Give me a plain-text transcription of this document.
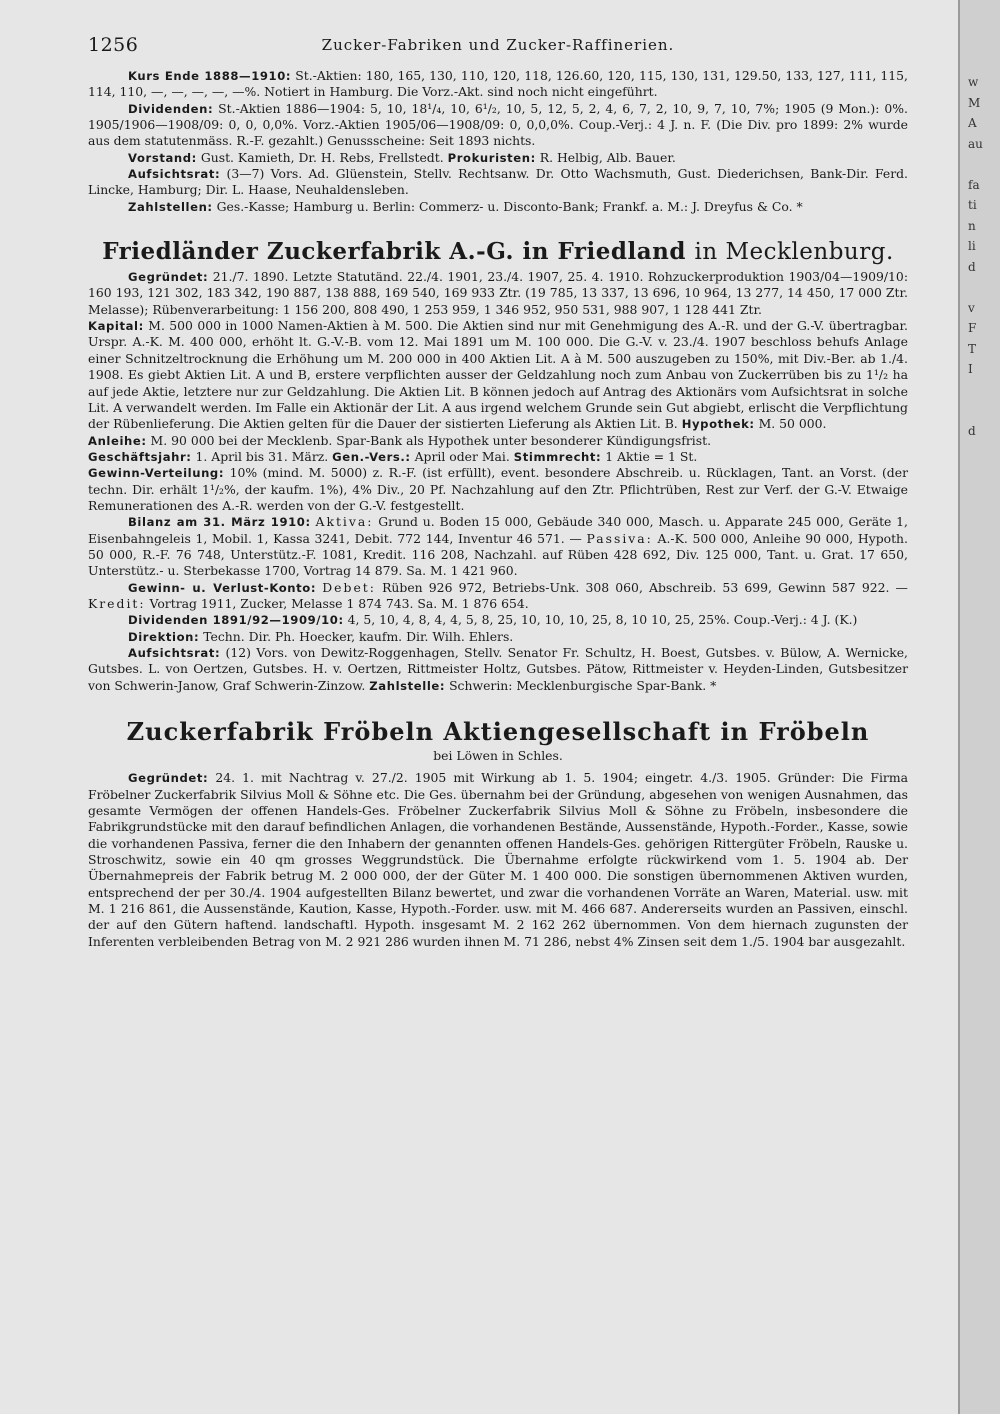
1256	Zucker-Fabriken und Zucker-Raffinerien.

Kurs Ende 1888—1910: St.-Aktien: 180, 165, 130, 110, 120, 118, 126.60, 120, 115, 130, 131, 129.50, 133, 127, 111, 115, 114, 110, —, —, —, —, —%. Notiert in Hamburg. Die Vorz.-Akt. sind noch nicht eingeführt.

Dividenden: St.-Aktien 1886—1904: 5, 10, 18¹/₄, 10, 6¹/₂, 10, 5, 12, 5, 2, 4, 6, 7, 2, 10, 9, 7, 10, 7%; 1905 (9 Mon.): 0%. 1905/1906—1908/09: 0, 0, 0,0%. Vorz.-Aktien 1905/06—1908/09: 0, 0,0,0%. Coup.-Verj.: 4 J. n. F. (Die Div. pro 1899: 2% wurde aus dem statutenmäss. R.-F. gezahlt.) Genussscheine: Seit 1893 nichts.

Vorstand: Gust. Kamieth, Dr. H. Rebs, Frellstedt. Prokuristen: R. Helbig, Alb. Bauer.

Aufsichtsrat: (3—7) Vors. Ad. Glüenstein, Stellv. Rechtsanw. Dr. Otto Wachsmuth, Gust. Diederichsen, Bank-Dir. Ferd. Lincke, Hamburg; Dir. L. Haase, Neuhaldensleben.

Zahlstellen: Ges.-Kasse; Hamburg u. Berlin: Commerz- u. Disconto-Bank; Frankf. a. M.: J. Dreyfus & Co. *

Friedländer Zuckerfabrik A.-G. in Friedland in Mecklenburg.

Gegründet: 21./7. 1890. Letzte Statutänd. 22./4. 1901, 23./4. 1907, 25. 4. 1910. Rohzuckerproduktion 1903/04—1909/10: 160 193, 121 302, 183 342, 190 887, 138 888, 169 540, 169 933 Ztr. (19 785, 13 337, 13 696, 10 964, 13 277, 14 450, 17 000 Ztr. Melasse); Rübenverarbeitung: 1 156 200, 808 490, 1 253 959, 1 346 952, 950 531, 988 907, 1 128 441 Ztr.

Kapital: M. 500 000 in 1000 Namen-Aktien à M. 500. Die Aktien sind nur mit Genehmigung des A.-R. und der G.-V. übertragbar. Urspr. A.-K. M. 400 000, erhöht lt. G.-V.-B. vom 12. Mai 1891 um M. 100 000. Die G.-V. v. 23./4. 1907 beschloss behufs Anlage einer Schnitzeltrocknung die Erhöhung um M. 200 000 in 400 Aktien Lit. A à M. 500 auszugeben zu 150%, mit Div.-Ber. ab 1./4. 1908. Es giebt Aktien Lit. A und B, erstere verpflichten ausser der Geldzahlung noch zum Anbau von Zuckerrüben bis zu 1¹/₂ ha auf jede Aktie, letztere nur zur Geldzahlung. Die Aktien Lit. B können jedoch auf Antrag des Aktionärs vom Aufsichtsrat in solche Lit. A verwandelt werden. Im Falle ein Aktionär der Lit. A aus irgend welchem Grunde sein Gut abgiebt, erlischt die Verpflichtung der Rübenlieferung. Die Aktien gelten für die Dauer der sistierten Lieferung als Aktien Lit. B. Hypothek: M. 50 000.

Anleihe: M. 90 000 bei der Mecklenb. Spar-Bank als Hypothek unter besonderer Kündigungsfrist.

Geschäftsjahr: 1. April bis 31. März. Gen.-Vers.: April oder Mai. Stimmrecht: 1 Aktie = 1 St.

Gewinn-Verteilung: 10% (mind. M. 5000) z. R.-F. (ist erfüllt), event. besondere Abschreib. u. Rücklagen, Tant. an Vorst. (der techn. Dir. erhält 1¹/₂%, der kaufm. 1%), 4% Div., 20 Pf. Nachzahlung auf den Ztr. Pflichtrüben, Rest zur Verf. der G.-V. Etwaige Remunerationen des A.-R. werden von der G.-V. festgestellt.

Bilanz am 31. März 1910: Aktiva: Grund u. Boden 15 000, Gebäude 340 000, Masch. u. Apparate 245 000, Geräte 1, Eisenbahngeleis 1, Mobil. 1, Kassa 3241, Debit. 772 144, Inventur 46 571. — Passiva: A.-K. 500 000, Anleihe 90 000, Hypoth. 50 000, R.-F. 76 748, Unterstütz.-F. 1081, Kredit. 116 208, Nachzahl. auf Rüben 428 692, Div. 125 000, Tant. u. Grat. 17 650, Unterstütz.- u. Sterbekasse 1700, Vortrag 14 879. Sa. M. 1 421 960.

Gewinn- u. Verlust-Konto: Debet: Rüben 926 972, Betriebs-Unk. 308 060, Abschreib. 53 699, Gewinn 587 922. — Kredit: Vortrag 1911, Zucker, Melasse 1 874 743. Sa. M. 1 876 654.

Dividenden 1891/92—1909/10: 4, 5, 10, 4, 8, 4, 4, 5, 8, 25, 10, 10, 10, 25, 8, 10 10, 25, 25%. Coup.-Verj.: 4 J. (K.)

Direktion: Techn. Dir. Ph. Hoecker, kaufm. Dir. Wilh. Ehlers.

Aufsichtsrat: (12) Vors. von Dewitz-Roggenhagen, Stellv. Senator Fr. Schultz, H. Boest, Gutsbes. v. Bülow, A. Wernicke, Gutsbes. L. von Oertzen, Gutsbes. H. v. Oertzen, Rittmeister Holtz, Gutsbes. Pätow, Rittmeister v. Heyden-Linden, Gutsbesitzer von Schwerin-Janow, Graf Schwerin-Zinzow. Zahlstelle: Schwerin: Mecklenburgische Spar-Bank. *

Zuckerfabrik Fröbeln Aktiengesellschaft in Fröbeln

bei Löwen in Schles.

Gegründet: 24. 1. mit Nachtrag v. 27./2. 1905 mit Wirkung ab 1. 5. 1904; eingetr. 4./3. 1905. Gründer: Die Firma Fröbelner Zuckerfabrik Silvius Moll & Söhne etc. Die Ges. übernahm bei der Gründung, abgesehen von wenigen Ausnahmen, das gesamte Vermögen der offenen Handels-Ges. Fröbelner Zuckerfabrik Silvius Moll & Söhne zu Fröbeln, insbesondere die Fabrikgrundstücke mit den darauf befindlichen Anlagen, die vorhandenen Bestände, Aussenstände, Hypoth.-Forder., Kasse, sowie die vorhandenen Passiva, ferner die den Inhabern der genannten offenen Handels-Ges. gehörigen Rittergüter Fröbeln, Rauske u. Stroschwitz, sowie ein 40 qm grosses Weggrundstück. Die Übernahme erfolgte rückwirkend vom 1. 5. 1904 ab. Der Übernahmepreis der Fabrik betrug M. 2 000 000, der der Güter M. 1 400 000. Die sonstigen übernommenen Aktiven wurden, entsprechend der per 30./4. 1904 aufgestellten Bilanz bewertet, und zwar die vorhandenen Vorräte an Waren, Material. usw. mit M. 1 216 861, die Aussenstände, Kaution, Kasse, Hypoth.-Forder. usw. mit M. 466 687. Andererseits wurden an Passiven, einschl. der auf den Gütern haftend. landschaftl. Hypoth. insgesamt M. 2 162 262 übernommen. Von dem hiernach zugunsten der Inferenten verbleibenden Betrag von M. 2 921 286 wurden ihnen M. 71 286, nebst 4% Zinsen seit dem 1./5. 1904 bar ausgezahlt.

w
M
A
au
fa
ti
n
li
d
v
F
T
I
d
